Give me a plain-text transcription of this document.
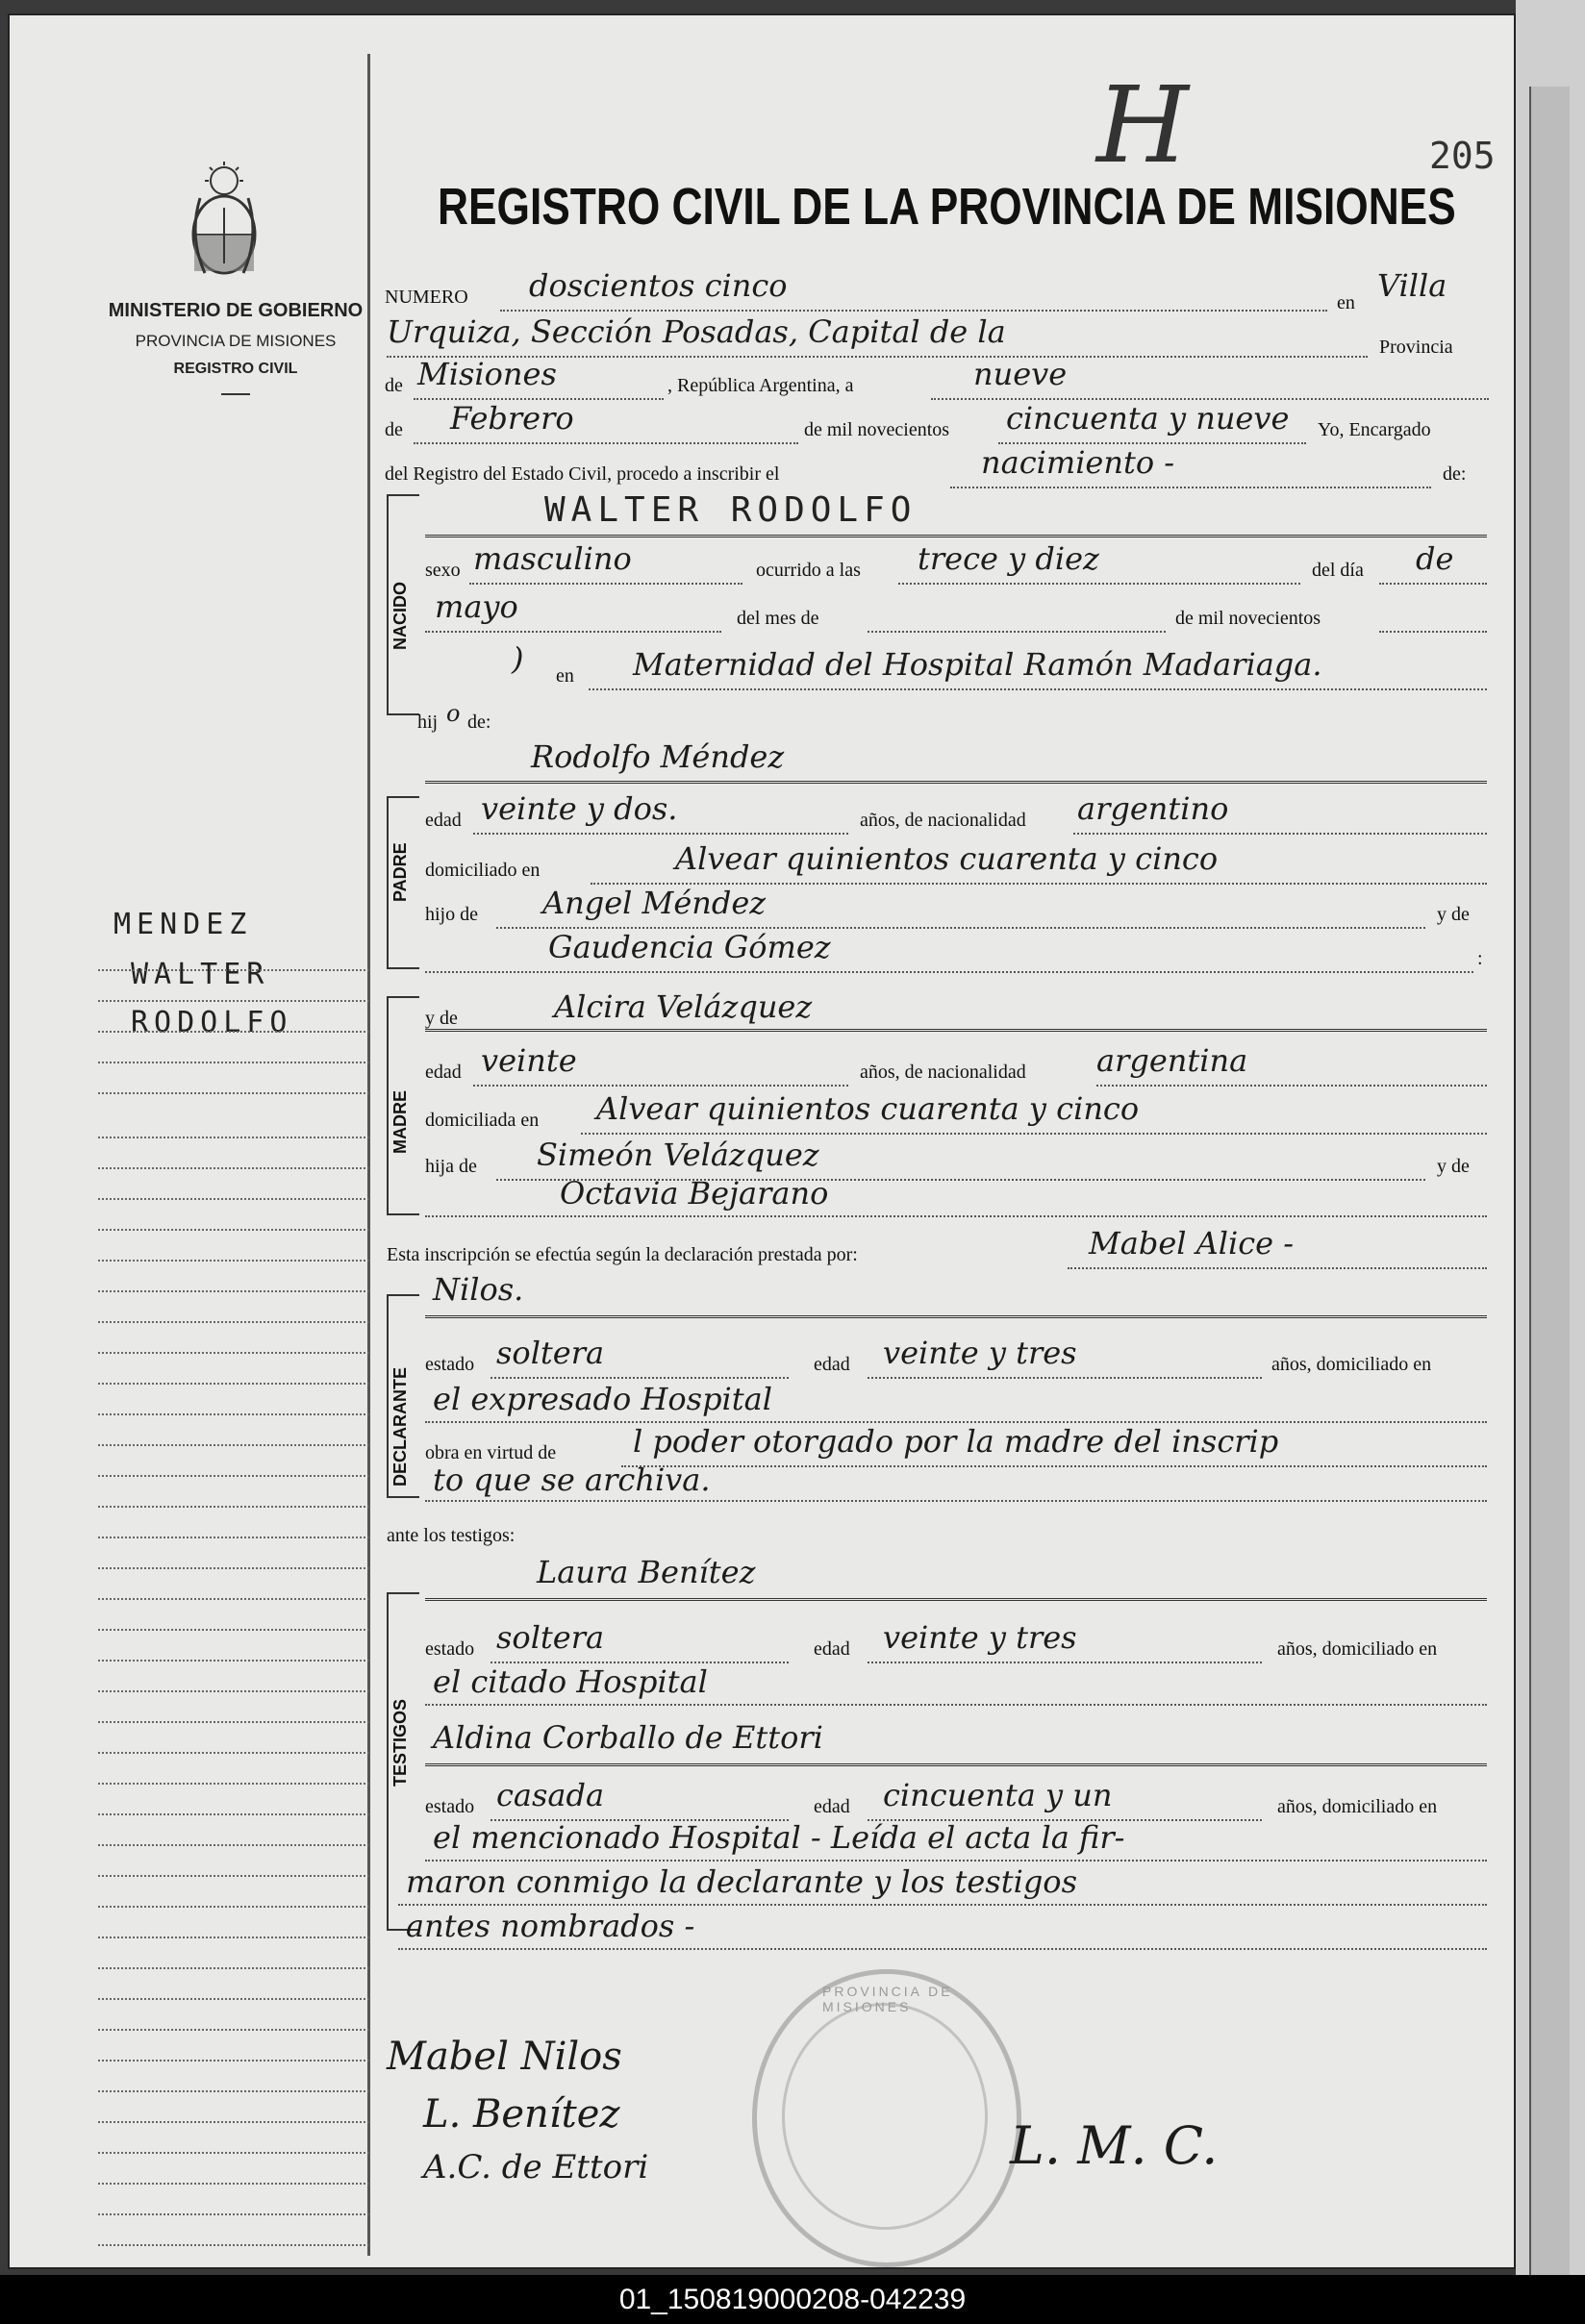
MINISTERIO DE GOBIERNO
PROVINCIA DE MISIONES
REGISTRO CIVIL
MENDEZ
WALTER
RODOLFO
H	205
REGISTRO CIVIL DE LA PROVINCIA DE MISIONES
NUMERO doscientos cinco	en Villa
Urquiza, Sección Posadas, Capital de la	Provincia
de Misiones	, República Argentina, a	nueve
de Febrero	de mil novecientos cincuenta y nueve Yo, Encargado
del Registro del Estado Civil, procedo a inscribir el	nacimiento -	de:
NACIDO
WALTER RODOLFO
sexo masculino	ocurrido a las trece y diez	del día de
mayo	del mes de	de mil novecientos
) en Maternidad del Hospital Ramón Madariaga.
hij o de:
Rodolfo Méndez
PADRE
edad veinte y dos.	años, de nacionalidad argentino
domiciliado en	Alvear quinientos cuarenta y cinco
hijo de Angel Méndez	y de
Gaudencia Gómez	:
y de	Alcira Velázquez
MADRE
edad veinte	años, de nacionalidad argentina
domiciliada en Alvear quinientos cuarenta y cinco
hija de Simeón Velázquez	y de
Octavia Bejarano
Esta inscripción se efectúa según la declaración prestada por:	Mabel Alice -
Nilos.
DECLARANTE
estado soltera	edad veinte y tres	años, domiciliado en
el expresado Hospital
obra en virtud de l poder otorgado por la madre del inscrip
to que se archiva.
ante los testigos:
Laura Benítez
TESTIGOS
estado soltera	edad veinte y tres	años, domiciliado en
el citado Hospital
Aldina Corballo de Ettori
estado casada	edad cincuenta y un	años, domiciliado en
el mencionado Hospital - Leída el acta la fir-
maron conmigo la declarante y los testigos
antes nombrados -
PROVINCIA DE MISIONES
Mabel Nilos
L. Benítez
A.C. de Ettori	L. M. C.
01_150819000208-042239
